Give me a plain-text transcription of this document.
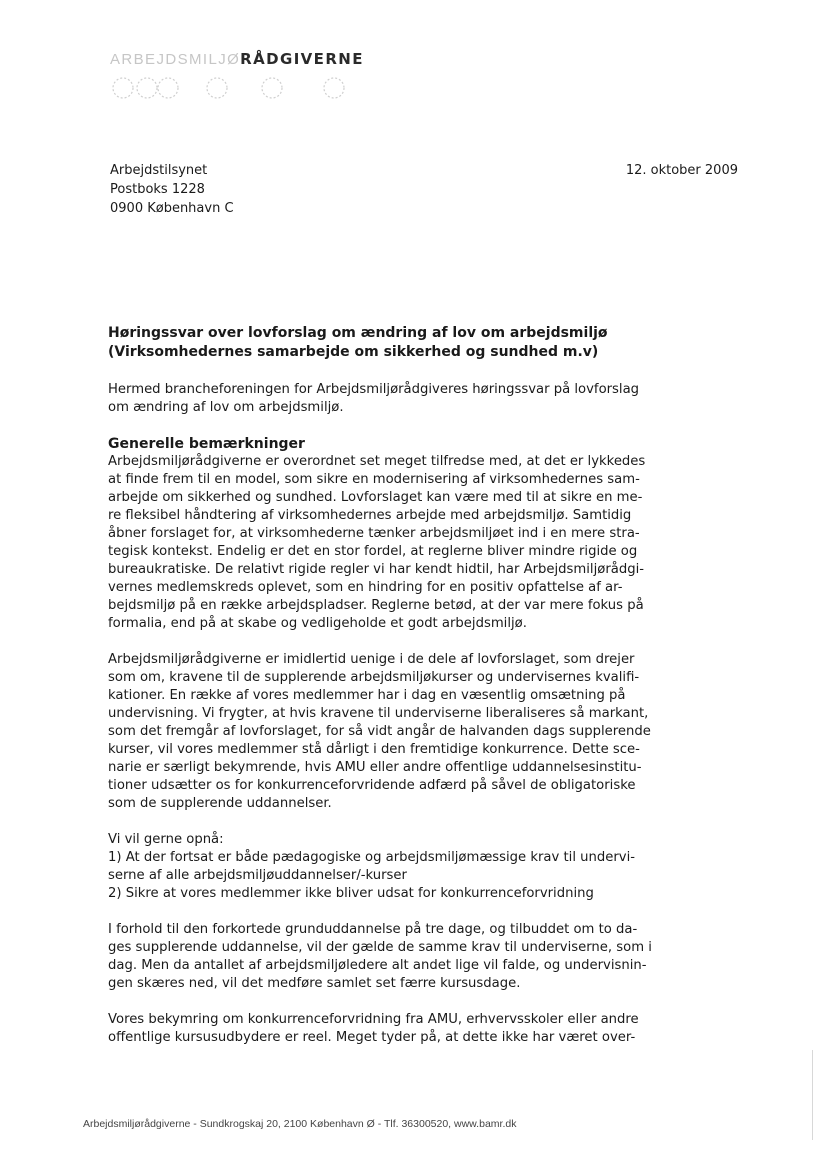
ARBEJDSMILJØRÅDGIVERNE
Arbejdstilsynet
Postboks 1228
0900 København C
12. oktober 2009
Høringssvar over lovforslag om ændring af lov om arbejdsmiljø
(Virksomhedernes samarbejde om sikkerhed og sundhed m.v)
Hermed brancheforeningen for Arbejdsmiljørådgiveres høringssvar på lovforslag
om ændring af lov om arbejdsmiljø.
Generelle bemærkninger
Arbejdsmiljørådgiverne er overordnet set meget tilfredse med, at det er lykkedes
at finde frem til en model, som sikre en modernisering af virksomhedernes sam-
arbejde om sikkerhed og sundhed. Lovforslaget kan være med til at sikre en me-
re fleksibel håndtering af virksomhedernes arbejde med arbejdsmiljø. Samtidig
åbner forslaget for, at virksomhederne tænker arbejdsmiljøet ind i en mere stra-
tegisk kontekst. Endelig er det en stor fordel, at reglerne bliver mindre rigide og
bureaukratiske. De relativt rigide regler vi har kendt hidtil, har Arbejdsmiljørådgi-
vernes medlemskreds oplevet, som en hindring for en positiv opfattelse af ar-
bejdsmiljø på en række arbejdspladser. Reglerne betød, at der var mere fokus på
formalia, end på at skabe og vedligeholde et godt arbejdsmiljø.
Arbejdsmiljørådgiverne er imidlertid uenige i de dele af lovforslaget, som drejer
som om, kravene til de supplerende arbejdsmiljøkurser og undervisernes kvalifi-
kationer. En række af vores medlemmer har i dag en væsentlig omsætning på
undervisning. Vi frygter, at hvis kravene til underviserne liberaliseres så markant,
som det fremgår af lovforslaget, for så vidt angår de halvanden dags supplerende
kurser, vil vores medlemmer stå dårligt i den fremtidige konkurrence. Dette sce-
narie er særligt bekymrende, hvis AMU eller andre offentlige uddannelsesinstitu-
tioner udsætter os for konkurrenceforvridende adfærd på såvel de obligatoriske
som de supplerende uddannelser.
Vi vil gerne opnå:
1) At der fortsat er både pædagogiske og arbejdsmiljømæssige krav til undervi-
serne af alle arbejdsmiljøuddannelser/-kurser
2) Sikre at vores medlemmer ikke bliver udsat for konkurrenceforvridning
I forhold til den forkortede grunduddannelse på tre dage, og tilbuddet om to da-
ges supplerende uddannelse, vil der gælde de samme krav til underviserne, som i
dag. Men da antallet af arbejdsmiljøledere alt andet lige vil falde, og undervisnin-
gen skæres ned, vil det medføre samlet set færre kursusdage.
Vores bekymring om konkurrenceforvridning fra AMU, erhvervsskoler eller andre
offentlige kursusudbydere er reel. Meget tyder på, at dette ikke har været over-
Arbejdsmiljørådgiverne - Sundkrogskaj 20, 2100 København Ø - Tlf. 36300520, www.bamr.dk
